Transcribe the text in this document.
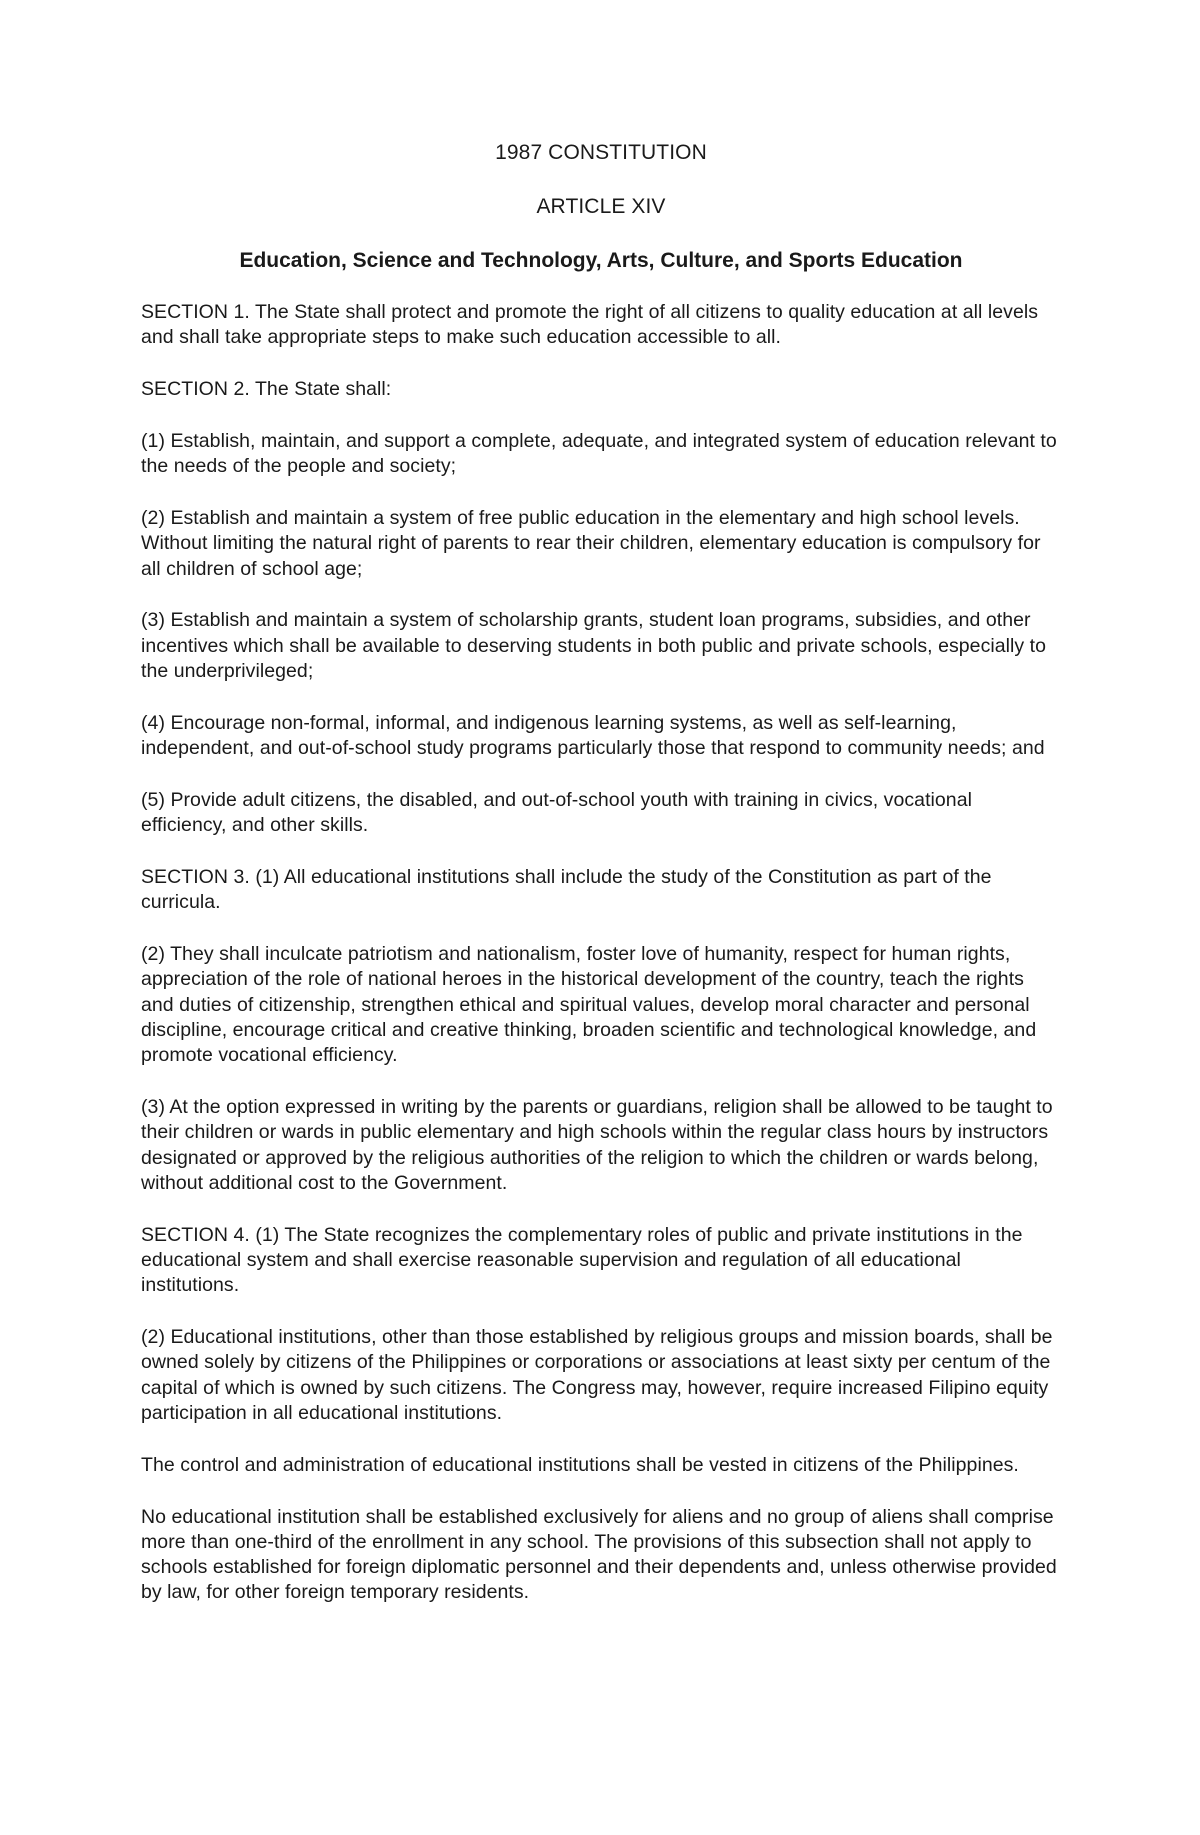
1987 CONSTITUTION

ARTICLE XIV

Education, Science and Technology, Arts, Culture, and Sports Education

SECTION 1. The State shall protect and promote the right of all citizens to quality education at all levels and shall take appropriate steps to make such education accessible to all.

SECTION 2. The State shall:

(1) Establish, maintain, and support a complete, adequate, and integrated system of education relevant to the needs of the people and society;

(2) Establish and maintain a system of free public education in the elementary and high school levels. Without limiting the natural right of parents to rear their children, elementary education is compulsory for all children of school age;

(3) Establish and maintain a system of scholarship grants, student loan programs, subsidies, and other incentives which shall be available to deserving students in both public and private schools, especially to the underprivileged;

(4) Encourage non-formal, informal, and indigenous learning systems, as well as self-learning, independent, and out-of-school study programs particularly those that respond to community needs; and

(5) Provide adult citizens, the disabled, and out-of-school youth with training in civics, vocational efficiency, and other skills.

SECTION 3. (1) All educational institutions shall include the study of the Constitution as part of the curricula.

(2) They shall inculcate patriotism and nationalism, foster love of humanity, respect for human rights, appreciation of the role of national heroes in the historical development of the country, teach the rights and duties of citizenship, strengthen ethical and spiritual values, develop moral character and personal discipline, encourage critical and creative thinking, broaden scientific and technological knowledge, and promote vocational efficiency.

(3) At the option expressed in writing by the parents or guardians, religion shall be allowed to be taught to their children or wards in public elementary and high schools within the regular class hours by instructors designated or approved by the religious authorities of the religion to which the children or wards belong, without additional cost to the Government.

SECTION 4. (1) The State recognizes the complementary roles of public and private institutions in the educational system and shall exercise reasonable supervision and regulation of all educational institutions.

(2) Educational institutions, other than those established by religious groups and mission boards, shall be owned solely by citizens of the Philippines or corporations or associations at least sixty per centum of the capital of which is owned by such citizens. The Congress may, however, require increased Filipino equity participation in all educational institutions.

The control and administration of educational institutions shall be vested in citizens of the Philippines.

No educational institution shall be established exclusively for aliens and no group of aliens shall comprise more than one-third of the enrollment in any school. The provisions of this subsection shall not apply to schools established for foreign diplomatic personnel and their dependents and, unless otherwise provided by law, for other foreign temporary residents.
